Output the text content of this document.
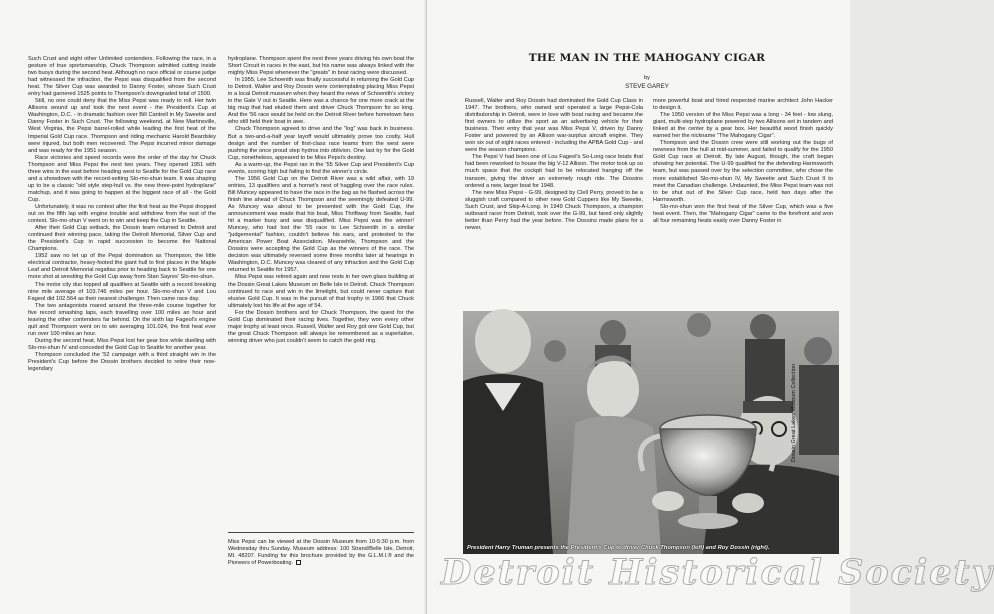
Such Crust and eight other Unlimited contenders. Following the race, in a gesture of true sportsmanship, Chuck Thompson admitted cutting inside two buoys during the second heat. Although no race official or course judge had witnessed the infraction, the Pepsi was disqualified from the second heat. The Silver Cup was awarded to Danny Foster, whose Such Crust entry had garnered 1525 points to Thompson's downgraded total of 1500.

Still, no one could deny that the Miss Pepsi was ready to roll. Her twin Allisons wound up and took the next event - the President's Cup at Washington, D.C. - in dramatic fashion over Bill Cantrell in My Sweetie and Danny Foster in Such Crust. The following weekend, at New Martinsville, West Virginia, the Pepsi barrel-rolled while leading the first heat of the Imperial Gold Cup race. Thompson and riding mechanic Harold Beardsley were injured, but both men recovered. The Pepsi incurred minor damage and was ready for the 1951 season.

Race victories and speed records were the order of the day for Chuck Thompson and Miss Pepsi the next two years. They opened 1951 with three wins in the east before heading west to Seattle for the Gold Cup race and a showdown with the record-setting Slo-mo-shun team. It was shaping up to be a classic "old style step-hull vs. the new three-point hydroplane" matchup, and it was going to happen at the biggest race of all - the Gold Cup.

Unfortunately, it was no contest after the first heat as the Pepsi dropped out on the fifth lap with engine trouble and withdrew from the rest of the contest. Slo-mo-shun V went on to win and keep the Cup in Seattle.

After their Gold Cup setback, the Dossin team returned to Detroit and continued their winning pace, taking the Detroit Memorial, Silver Cup and the President's Cup in rapid succession to become the National Champions.

1952 saw no let up of the Pepsi domination as Thompson, the little electrical contractor, heavy-footed the giant hull to first places in the Maple Leaf and Detroit Memorial regattas prior to heading back to Seattle for one more shot at wrestling the Gold Cup away from Stan Sayres' Slo-mo-shun.

The motor city duo topped all qualifiers at Seattle with a record breaking nine mile average of 103.746 miles per hour. Slo-mo-shun V and Lou Fageol did 102.564 as their nearest challenger. Then came race day.

The two antagonists roared around the three-mile course together for five record smashing laps, each travelling over 100 miles an hour and leaving the other contenders far behind. On the sixth lap Fageol's engine quit and Thompson went on to win averaging 101.024, the first heat ever run over 100 miles an hour.

During the second heat, Miss Pepsi lost her gear box while duelling with Slo-mo-shun IV and conceded the Gold Cup to Seattle for another year.

Thompson concluded the '52 campaign with a third straight win in the President's Cup before the Dossin brothers decided to retire their now-legendary

hydroplane. Thompson spent the next three years driving his own boat the Short Circuit in races in the east, but his name was always linked with the mighty Miss Pepsi whenever the "greats" in boat racing were discussed.

In 1955, Lee Schoenith was finally successful in returning the Gold Cup to Detroit. Walter and Roy Dossin were contemplating placing Miss Pepsi in a local Detroit museum when they heard the news of Schoenith's victory in the Gale V out in Seattle. Here was a chance for one more crack at the big mug that had eluded them and driver Chuck Thompson for so long. And the '56 race would be held on the Detroit River before hometown fans who still held their boat in awe.

Chuck Thompson agreed to drive and the "log" was back in business. But a two-and-a-half year layoff would ultimately prove too costly. Hull design and the number of first-class race teams from the west were pushing the once proud step hydros into oblivion. One last try for the Gold Cup, nonetheless, appeared to be Miss Pepsi's destiny.

As a warm-up, the Pepsi ran in the '55 Silver Cup and President's Cup events, scoring high but failing to find the winner's circle.

The 1956 Gold Cup on the Detroit River was a wild affair, with 19 entries, 13 qualifiers and a hornet's nest of haggling over the race rules. Bill Muncey appeared to have the race in the bag as he flashed across the finish line ahead of Chuck Thompson and the seemingly defeated U-99. As Muncey was about to be presented with the Gold Cup, the announcement was made that his boat, Miss Thriftway from Seattle, had hit a marker buoy and was disqualified. Miss Pepsi was the winner! Muncey, who had lost the '55 race to Lee Schoenith in a similar "judgemental" fashion, couldn't believe his ears, and protested to the American Power Boat Association. Meanwhile, Thompson and the Dossins were accepting the Gold Cup as the winners of the race. The decision was ultimately reversed some three months later at hearings in Washington, D.C. Muncey was cleared of any infraction and the Gold Cup returned to Seattle for 1957.

Miss Pepsi was retired again and now rests in her own glass building at the Dossin Great Lakes Museum on Belle Isle in Detroit. Chuck Thompson continued to race and win in the limelight, but could never capture that elusive Gold Cup. It was in the pursuit of that trophy in 1966 that Chuck ultimately lost his life at the age of 54.

For the Dossin brothers and for Chuck Thompson, the quest for the Gold Cup dominated their racing lives. Together, they won every other major trophy at least once. Russell, Walter and Roy got one Gold Cup, but the great Chuck Thompson will always be remembered as a superlative, winning driver who just couldn't seem to catch the gold ring.

Miss Pepsi can be viewed at the Dossin Museum from 10-5:30 p.m. from Wednesday thru Sunday. Museum address: 100 Strand/Belle Isle, Detroit, MI. 48207. Funding for this brochure provided by the G.L.M.I.® and the Pioneers of Powerboating.
THE MAN IN THE MAHOGANY CIGAR
by
STEVE GAREY

Russell, Walter and Roy Dossin had dominated the Gold Cup Class in 1947. The brothers, who owned and operated a large Pepsi-Cola distributorship in Detroit, were in love with boat racing and became the first owners to utilize the sport as an advertising vehicle for their business. Their entry that year was Miss Pepsi V, driven by Danny Foster and powered by an Allison war-surplus aircraft engine. They won six out of eight races entered - including the APBA Gold Cup - and were the season champions.

The Pepsi V had been one of Lou Fageol's So-Long race boats that had been reworked to house the big V-12 Allison. The motor took up so much space that the cockpit had to be relocated hanging off the transom, giving the driver an extremely rough ride. The Dossins ordered a new, larger boat for 1948.

The new Miss Pepsi - G-99, designed by Clell Perry, proved to be a sluggish craft compared to other new Gold Cuppers like My Sweetie, Such Crust, and Skip-A-Long. In 1949 Chuck Thompson, a champion outboard racer from Detroit, took over the G-99, but fared only slightly better than Perry had the year before. The Dossins made plans for a newer,

more powerful boat and hired respected marine architect John Hacker to design it.

The 1950 version of the Miss Pepsi was a long - 34 feet - low slung, giant, multi-step hydroplane powered by two Allisons set in tandem and linked at the center by a gear box. Her beautiful wood finish quickly earned her the nickname "The Mahogany Cigar".

Thompson and the Dossin crew were still working out the bugs of newness from the hull at mid-summer, and failed to qualify for the 1950 Gold Cup race at Detroit. By late August, though, the craft began showing her potential. The U-99 qualified for the defending Harmsworth team, but was passed over by the selection committee, who chose the more established Slo-mo-shun IV, My Sweetie and Such Crust II to meet the Canadian challenge. Undaunted, the Miss Pepsi team was not to be shut out of the Silver Cup race, held two days after the Harmsworth.

Slo-mo-shun won the first heat of the Silver Cup, which was a five heat event. Then, the "Mahogany Cigar" came to the forefront and won all four remaining heats easily over Danny Foster in

Dossin Great Lakes Museum Collection
President Harry Truman presents the President's Cup to driver Chuck Thompson (left) and Roy Dossin (right).
Detroit Historical Society
